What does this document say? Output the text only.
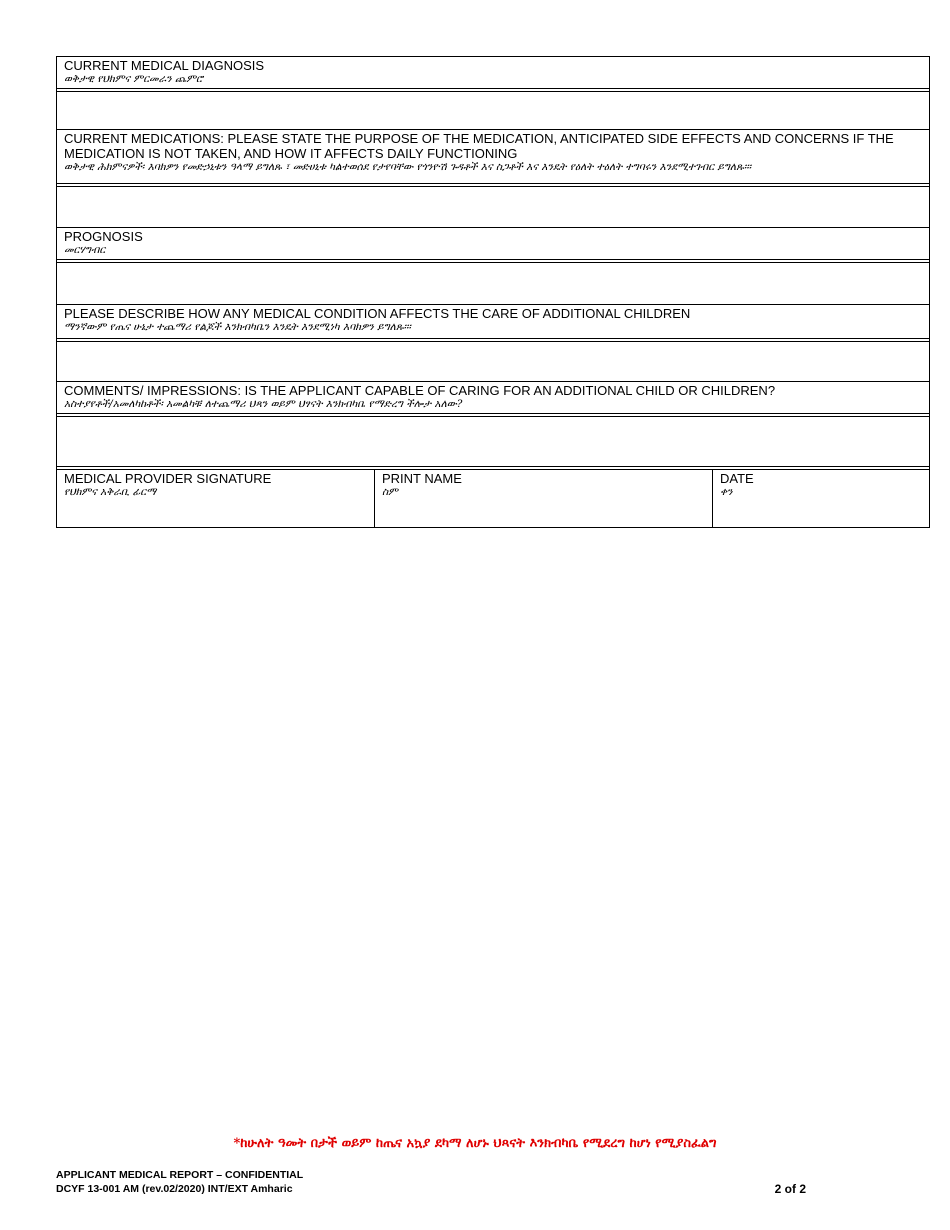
CURRENT MEDICAL DIAGNOSIS
ወቅታዊ የህክምና ምርመራን ጨምሮ
CURRENT MEDICATIONS: PLEASE STATE THE PURPOSE OF THE MEDICATION, ANTICIPATED SIDE EFFECTS AND CONCERNS IF THE MEDICATION IS NOT TAKEN, AND HOW IT AFFECTS DAILY FUNCTIONING
ወቅታዊ ሕክምናዎች፡ እባክዎን የመድኃኒቱን ዓላማ ይግለጹ ፣ መድሀኒቱ ካልተወሰደ የታየባቸው የጎንዮሽ ጉዳቶች እና ስጋቶች እና እንዴት የዕለት ተዕለት ተግባሩን እንደሚተገብር ይግለጹ።፡
PROGNOSIS
መርሃግብር
PLEASE DESCRIBE HOW ANY MEDICAL CONDITION AFFECTS THE CARE OF ADDITIONAL CHILDREN
ማንኛውም የጤና ሁኔታ ተጨማሪ የልጆች እንክብካቤን እንዴት እንደሚነካ እባክዎን ይግለጹ።፡
COMMENTS/ IMPRESSIONS: IS THE APPLICANT CAPABLE OF CARING FOR AN ADDITIONAL CHILD OR CHILDREN?
አስተያየቶች/አመለካከቶች፡ አመልካቹ ለተጨማሪ ህጻን ወይም ህፃናት እንክብካቤ የማድረግ ችሎታ አለው?
MEDICAL PROVIDER SIGNATURE
የህክምና አቅራቢ ፊርማ
PRINT NAME
ስም
DATE
ቀን
*ከሁለት ዓመት በታች ወይም ከጤና አኳያ ደካማ ለሆኑ ህጻናት እንክብካቤ የሚደረግ ከሆነ የሚያስፈልግ
APPLICANT MEDICAL REPORT – CONFIDENTIAL
DCYF 13-001 AM (rev.02/2020) INT/EXT Amharic	2 of 2
